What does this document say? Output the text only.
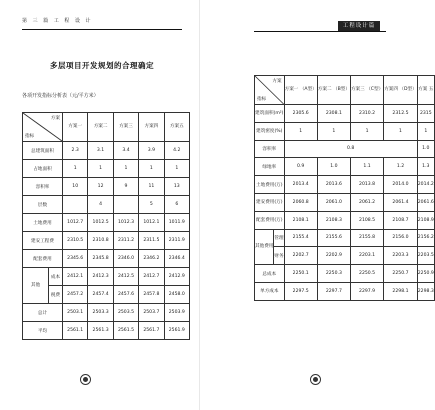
第 三 篇 工 程 设 计
多层项目开发规划的合理确定
各项开发指标分析表（元/平方米）
方案
指标		方案一	方案二	方案三	方案四	方案五
总建筑面积		2.3	3.1	3.4	3.9	4.2
占地面积		1	1	1	1	1
容积率		10	12	9	11	13
层数			4		5	6
土地费用		1012.7	1012.5	1012.3	1012.1	1011.9
建安工程费		2310.5	2310.8	2311.2	2311.5	2311.9
配套费用		2345.6	2345.8	2346.0	2346.2	2346.4
其他	成本	2412.1	2412.3	2412.5	2412.7	2412.9
	税费	2457.2	2457.4	2457.6	2457.8	2458.0
总计		2503.1	2503.3	2503.5	2503.7	2503.9
平均		2561.1	2561.3	2561.5	2561.7	2561.9
工程设计篇
方案
指标		方案一 （A型）	方案二 （B型）	方案三 （C型）	方案四 （D型）	方案 五
建筑面积(m²)		2305.6	2308.1	2310.2	2312.5	2315
建筑密度(%)		1	1	1	1	1
容积率		0.8				1.0
绿地率		0.9	1.0	1.1	1.2	1.3
土地费用(万)		2013.4	2013.6	2013.8	2014.0	2014.2
建安费用(万)		2060.8	2061.0	2061.2	2061.4	2061.6
配套费用(万)		2108.1	2108.3	2108.5	2108.7	2108.9
其他费用	管理	2155.4	2155.6	2155.8	2156.0	2156.2
	财务	2202.7	2202.9	2203.1	2203.3	2203.5
总成本		2250.1	2250.3	2250.5	2250.7	2250.9
单方成本		2297.5	2297.7	2297.9	2298.1	2298.3
